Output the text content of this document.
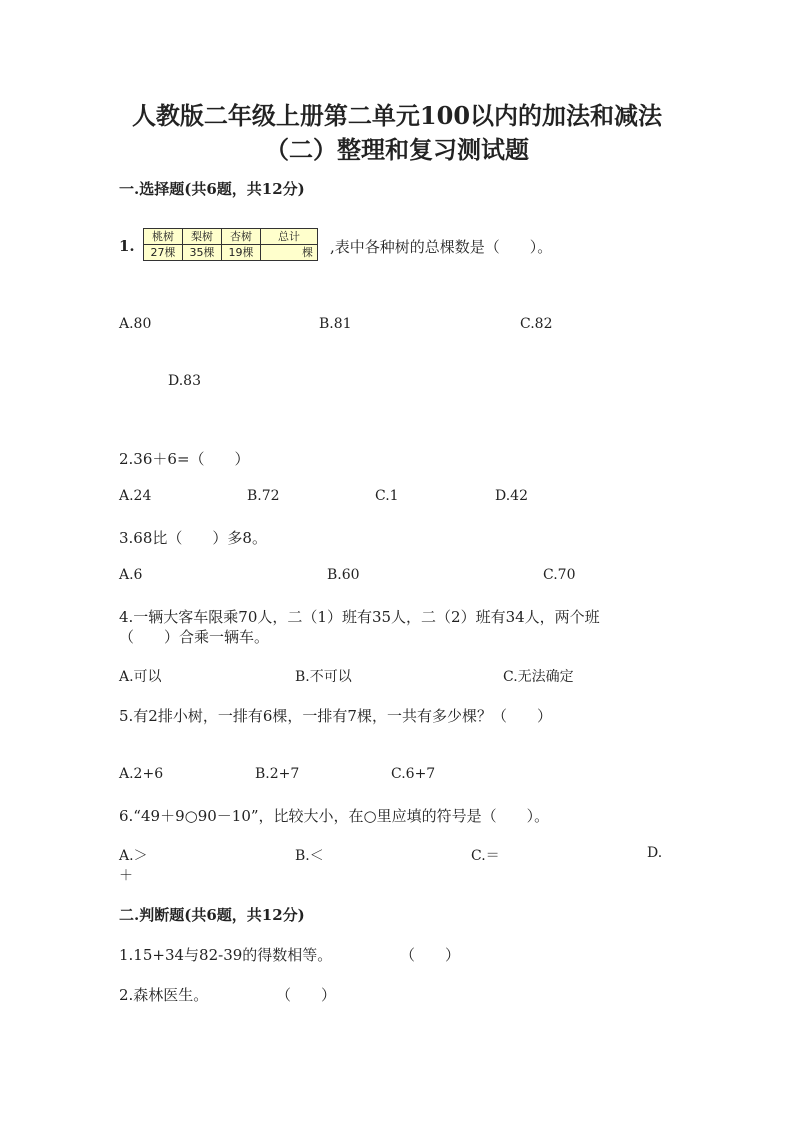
人教版二年级上册第二单元100以内的加法和减法
（二）整理和复习测试题
一.选择题(共6题，共12分)
1.
桃树	梨树	杏树	总计
27棵	35棵	19棵	棵 ,表中各种树的总棵数是（　　）。
A.80	B.81	C.82
D.83
2.36＋6=（　　）
A.24	B.72	C.1	D.42
3.68比（　　）多8。
A.6	B.60	C.70
4.一辆大客车限乘70人，二（1）班有35人，二（2）班有34人，两个班
（　　）合乘一辆车。
A.可以	B.不可以	C.无法确定
5.有2排小树，一排有6棵，一排有7棵，一共有多少棵？（　　）
A.2+6	B.2+7	C.6+7
6.“49＋9○90－10”，比较大小，在○里应填的符号是（　　）。
A.＞	B.＜	C.＝	D.
＋
二.判断题(共6题，共12分)
1.15+34与82-39的得数相等。	（　　）
2.森林医生。	（　　）
